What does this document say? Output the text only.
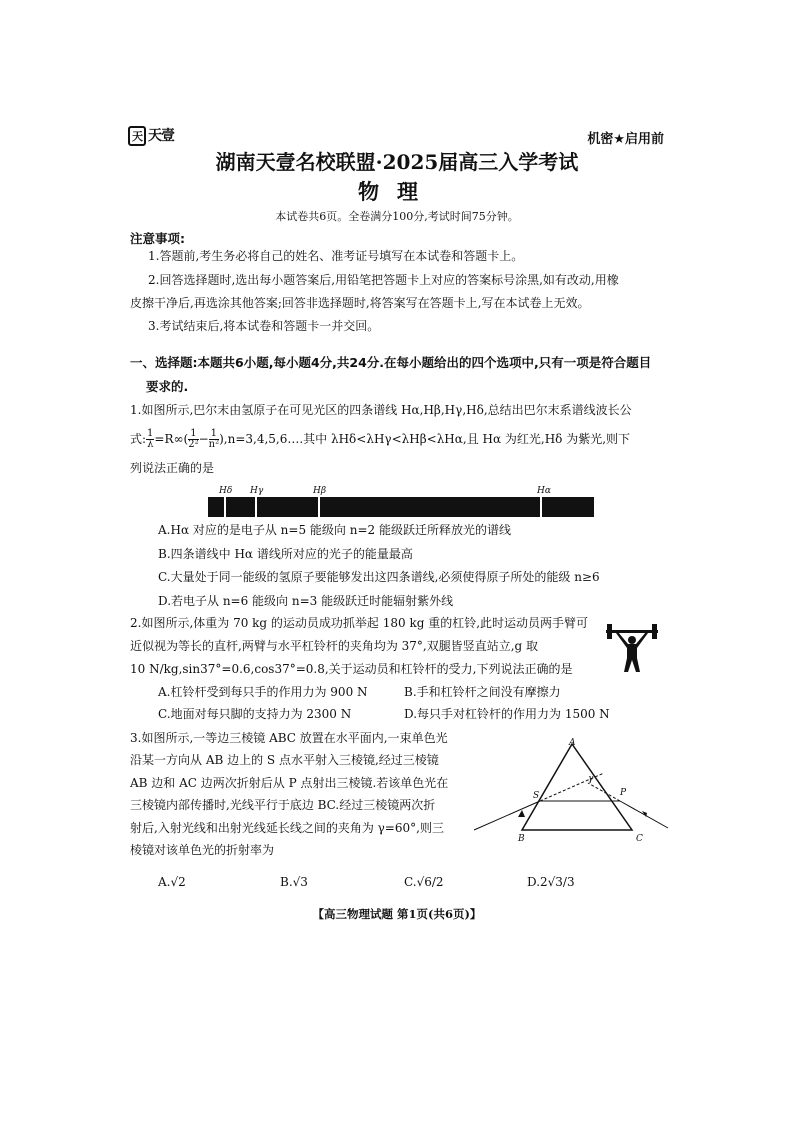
天 天壹	机密★启用前
湖南天壹名校联盟·2025届高三入学考试
物理
本试卷共6页。全卷满分100分,考试时间75分钟。
注意事项:
1.答题前,考生务必将自己的姓名、准考证号填写在本试卷和答题卡上。
2.回答选择题时,选出每小题答案后,用铅笔把答题卡上对应的答案标号涂黑,如有改动,用橡
皮擦干净后,再选涂其他答案;回答非选择题时,将答案写在答题卡上,写在本试卷上无效。
3.考试结束后,将本试卷和答题卡一并交回。
一、选择题:本题共6小题,每小题4分,共24分.在每小题给出的四个选项中,只有一项是符合题目
要求的.
1.如图所示,巴尔末由氢原子在可见光区的四条谱线 Hα,Hβ,Hγ,Hδ,总结出巴尔末系谱线波长公
式: $\frac{1}{\lambda} =R\infty( \frac{1}{\text{2²}} - \frac{1}{\text{n²}}$ ),n=3,4,5,6….其中 λHδ<λHγ<λHβ<λHα,且 Hα 为红光,Hδ 为紫光,则下
列说法正确的是
Hδ Hγ	Hβ	Hα
A.Hα 对应的是电子从 n=5 能级向 n=2 能级跃迁所释放光的谱线
B.四条谱线中 Hα 谱线所对应的光子的能量最高
C.大量处于同一能级的氢原子要能够发出这四条谱线,必须使得原子所处的能级 n≥6
D.若电子从 n=6 能级向 n=3 能级跃迁时能辐射紫外线
2.如图所示,体重为 70 kg 的运动员成功抓举起 180 kg 重的杠铃,此时运动员两手臂可
近似视为等长的直杆,两臂与水平杠铃杆的夹角均为 37°,双腿皆竖直站立,g 取
10 N/kg,sin37°=0.6,cos37°=0.8,关于运动员和杠铃杆的受力,下列说法正确的是
A.杠铃杆受到每只手的作用力为 900 N	B.手和杠铃杆之间没有摩擦力
C.地面对每只脚的支持力为 2300 N	D.每只手对杠铃杆的作用力为 1500 N
3.如图所示,一等边三棱镜 ABC 放置在水平面内,一束单色光
沿某一方向从 AB 边上的 S 点水平射入三棱镜,经过三棱镜
AB 边和 AC 边两次折射后从 P 点射出三棱镜.若该单色光在
三棱镜内部传播时,光线平行于底边 BC.经过三棱镜两次折
射后,入射光线和出射光线延长线之间的夹角为 γ=60°,则三
棱镜对该单色光的折射率为
A
B	C
S	P
γ
A.√2	B.√3	C.√6/2	D.2√3/3
【高三物理试题 第1页(共6页)】
